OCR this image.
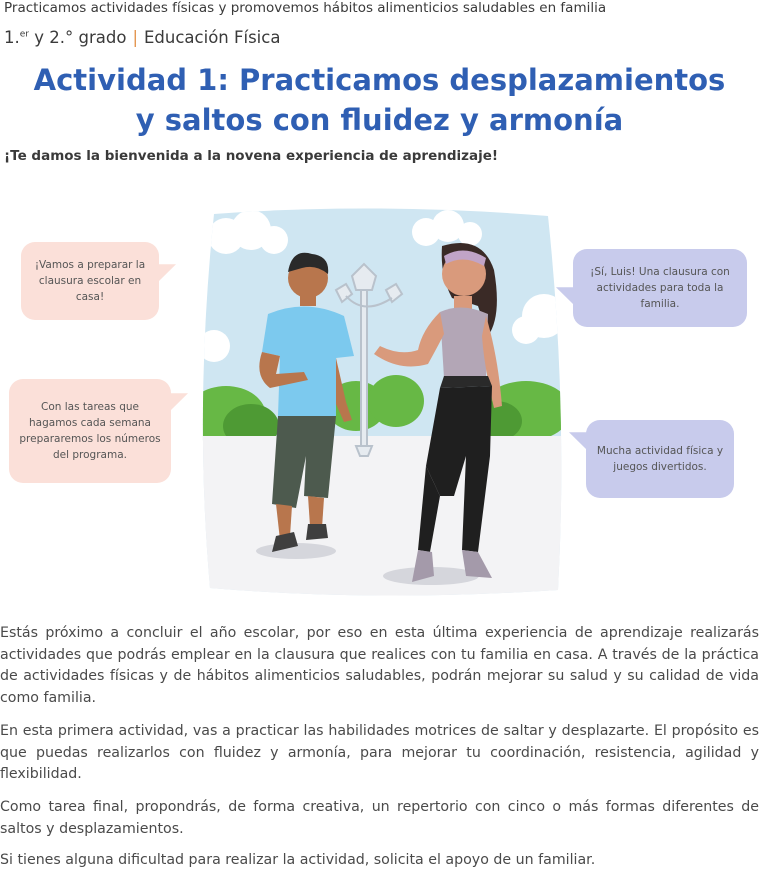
Practicamos actividades físicas y promovemos hábitos alimenticios saludables en familia
1.$^{er}$ y 2.° grado | Educación Física
Actividad 1: Practicamos desplazamientos
y saltos con fluidez y armonía
¡Te damos la bienvenida a la novena experiencia de aprendizaje!
¡Vamos a preparar la clausura escolar en casa!
Con las tareas que hagamos cada semana prepararemos los números del programa.
¡Sí, Luis! Una clausura con actividades para toda la familia.
Mucha actividad física y juegos divertidos.

Estás próximo a concluir el año escolar, por eso en esta última experiencia de aprendizaje realizarás actividades que podrás emplear en la clausura que realices con tu familia en casa. A través de la práctica de actividades físicas y de hábitos alimenticios saludables, podrán mejorar su salud y su calidad de vida como familia.

En esta primera actividad, vas a practicar las habilidades motrices de saltar y desplazarte. El propósito es que puedas realizarlos con fluidez y armonía, para mejorar tu coordinación, resistencia, agilidad y flexibilidad.

Como tarea final, propondrás, de forma creativa, un repertorio con cinco o más formas diferentes de saltos y desplazamientos.

Si tienes alguna dificultad para realizar la actividad, solicita el apoyo de un familiar.
